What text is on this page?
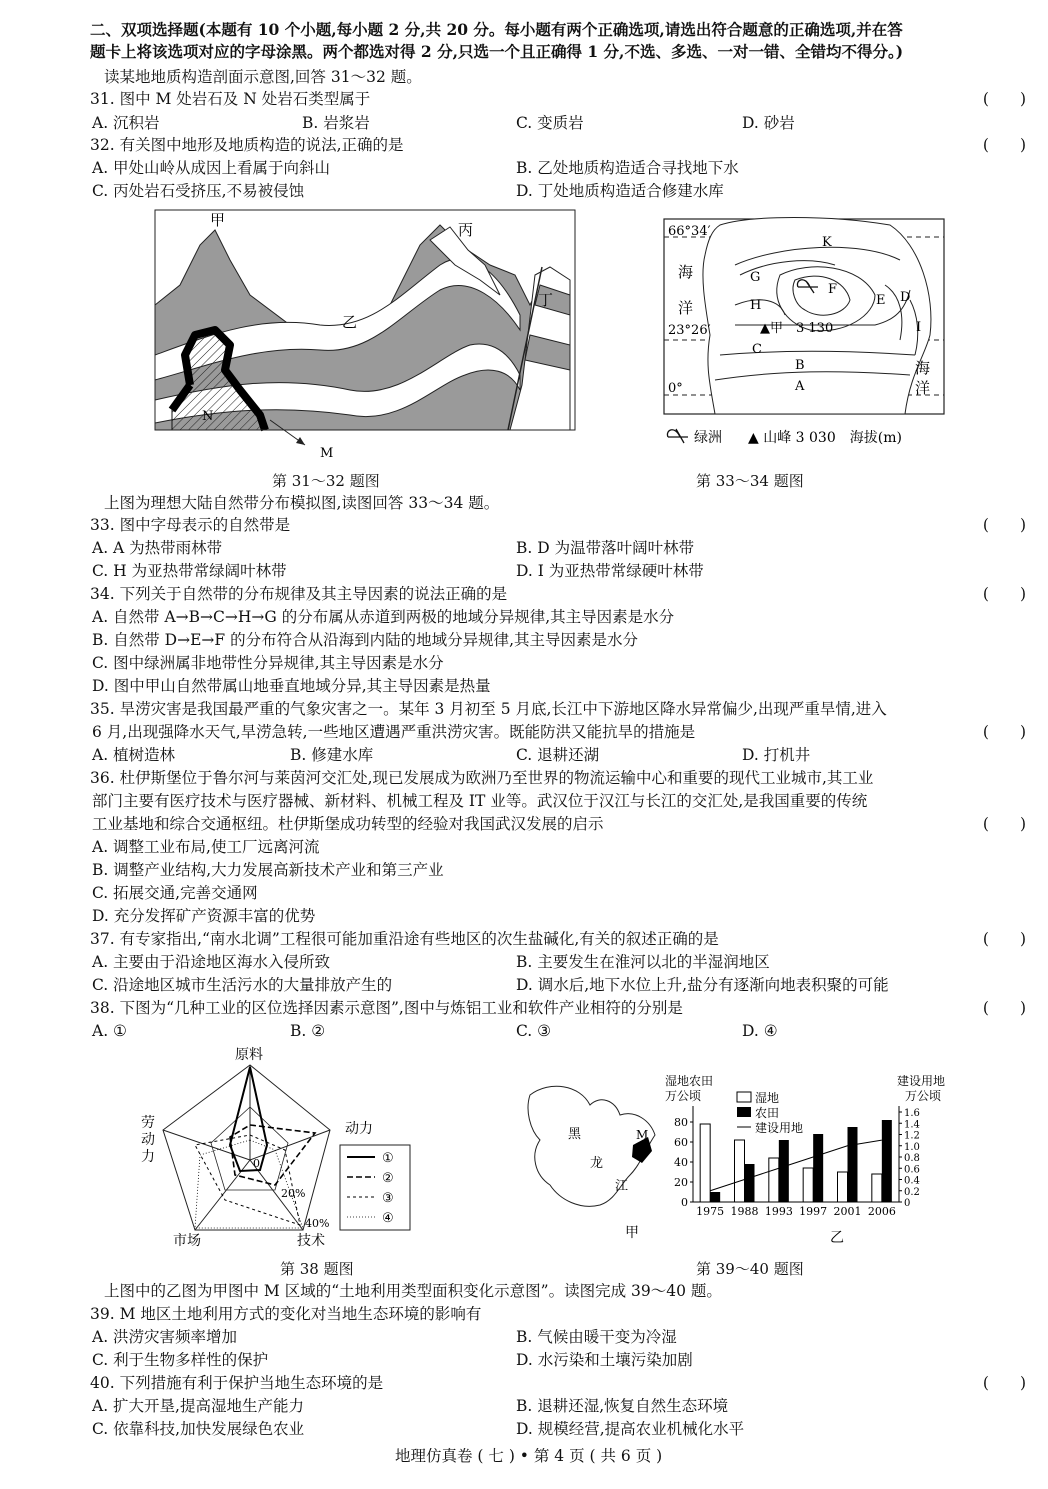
二、双项选择题(本题有 10 个小题,每小题 2 分,共 20 分。每小题有两个正确选项,请选出符合题意的正确选项,并在答
题卡上将该选项对应的字母涂黑。两个都选对得 2 分,只选一个且正确得 1 分,不选、多选、一对一错、全错均不得分。)
读某地地质构造剖面示意图,回答 31～32 题。
31. 图中 M 处岩石及 N 处岩石类型属于	(　　)
A. 沉积岩	B. 岩浆岩	C. 变质岩	D. 砂岩
32. 有关图中地形及地质构造的说法,正确的是	(　　)
A. 甲处山岭从成因上看属于向斜山	B. 乙处地质构造适合寻找地下水
C. 丙处岩石受挤压,不易被侵蚀	D. 丁处地质构造适合修建水库
甲
丙
丁
乙
N
M
第 31～32 题图
66°34′
23°26′
0°
海
洋
海
洋
K
G
F
E D
H
I
C
B
A
▲甲　3 130
绿洲 ▲ 山峰 3 030　海拔(m)
第 33～34 题图
上图为理想大陆自然带分布模拟图,读图回答 33～34 题。
33. 图中字母表示的自然带是	(　　)
A. A 为热带雨林带	B. D 为温带落叶阔叶林带
C. H 为亚热带常绿阔叶林带	D. I 为亚热带常绿硬叶林带
34. 下列关于自然带的分布规律及其主导因素的说法正确的是	(　　)
A. 自然带 A→B→C→H→G 的分布属从赤道到两极的地域分异规律,其主导因素是水分
B. 自然带 D→E→F 的分布符合从沿海到内陆的地域分异规律,其主导因素是水分
C. 图中绿洲属非地带性分异规律,其主导因素是水分
D. 图中甲山自然带属山地垂直地域分异,其主导因素是热量
35. 旱涝灾害是我国最严重的气象灾害之一。某年 3 月初至 5 月底,长江中下游地区降水异常偏少,出现严重旱情,进入
6 月,出现强降水天气,旱涝急转,一些地区遭遇严重洪涝灾害。既能防洪又能抗旱的措施是	(　　)
A. 植树造林	B. 修建水库	C. 退耕还湖	D. 打机井
36. 杜伊斯堡位于鲁尔河与莱茵河交汇处,现已发展成为欧洲乃至世界的物流运输中心和重要的现代工业城市,其工业
部门主要有医疗技术与医疗器械、新材料、机械工程及 IT 业等。武汉位于汉江与长江的交汇处,是我国重要的传统
工业基地和综合交通枢纽。杜伊斯堡成功转型的经验对我国武汉发展的启示	(　　)
A. 调整工业布局,使工厂远离河流
B. 调整产业结构,大力发展高新技术产业和第三产业
C. 拓展交通,完善交通网
D. 充分发挥矿产资源丰富的优势
37. 有专家指出,“南水北调”工程很可能加重沿途有些地区的次生盐碱化,有关的叙述正确的是	(　　)
A. 主要由于沿途地区海水入侵所致	B. 主要发生在淮河以北的半湿润地区
C. 沿途地区城市生活污水的大量排放产生的	D. 调水后,地下水位上升,盐分有逐渐向地表积聚的可能
38. 下图为“几种工业的区位选择因素示意图”,图中与炼铝工业和软件产业相符的分别是	(　　)
A. ①	B. ②	C. ③	D. ④
原料
动力
劳
动
力
市场	技术
0
20%
40%
①
②
③
④
第 38 题图
黑
龙
江
M
甲
湿地农田
万公顷
建设用地
万公顷
0
20
40
60
80
0
0.2
0.4
0.6
0.8
1.0
1.2
1.4
1.6
1975 1988 1993 1997 2001 2006
湿地
农田
建设用地
乙
第 39～40 题图
上图中的乙图为甲图中 M 区域的“土地利用类型面积变化示意图”。读图完成 39～40 题。
39. M 地区土地利用方式的变化对当地生态环境的影响有
A. 洪涝灾害频率增加	B. 气候由暖干变为冷湿
C. 利于生物多样性的保护	D. 水污染和土壤污染加剧
40. 下列措施有利于保护当地生态环境的是	(　　)
A. 扩大开垦,提高湿地生产能力	B. 退耕还湿,恢复自然生态环境
C. 依靠科技,加快发展绿色农业	D. 规模经营,提高农业机械化水平
地理仿真卷 ( 七 ) • 第 4 页 ( 共 6 页 )
